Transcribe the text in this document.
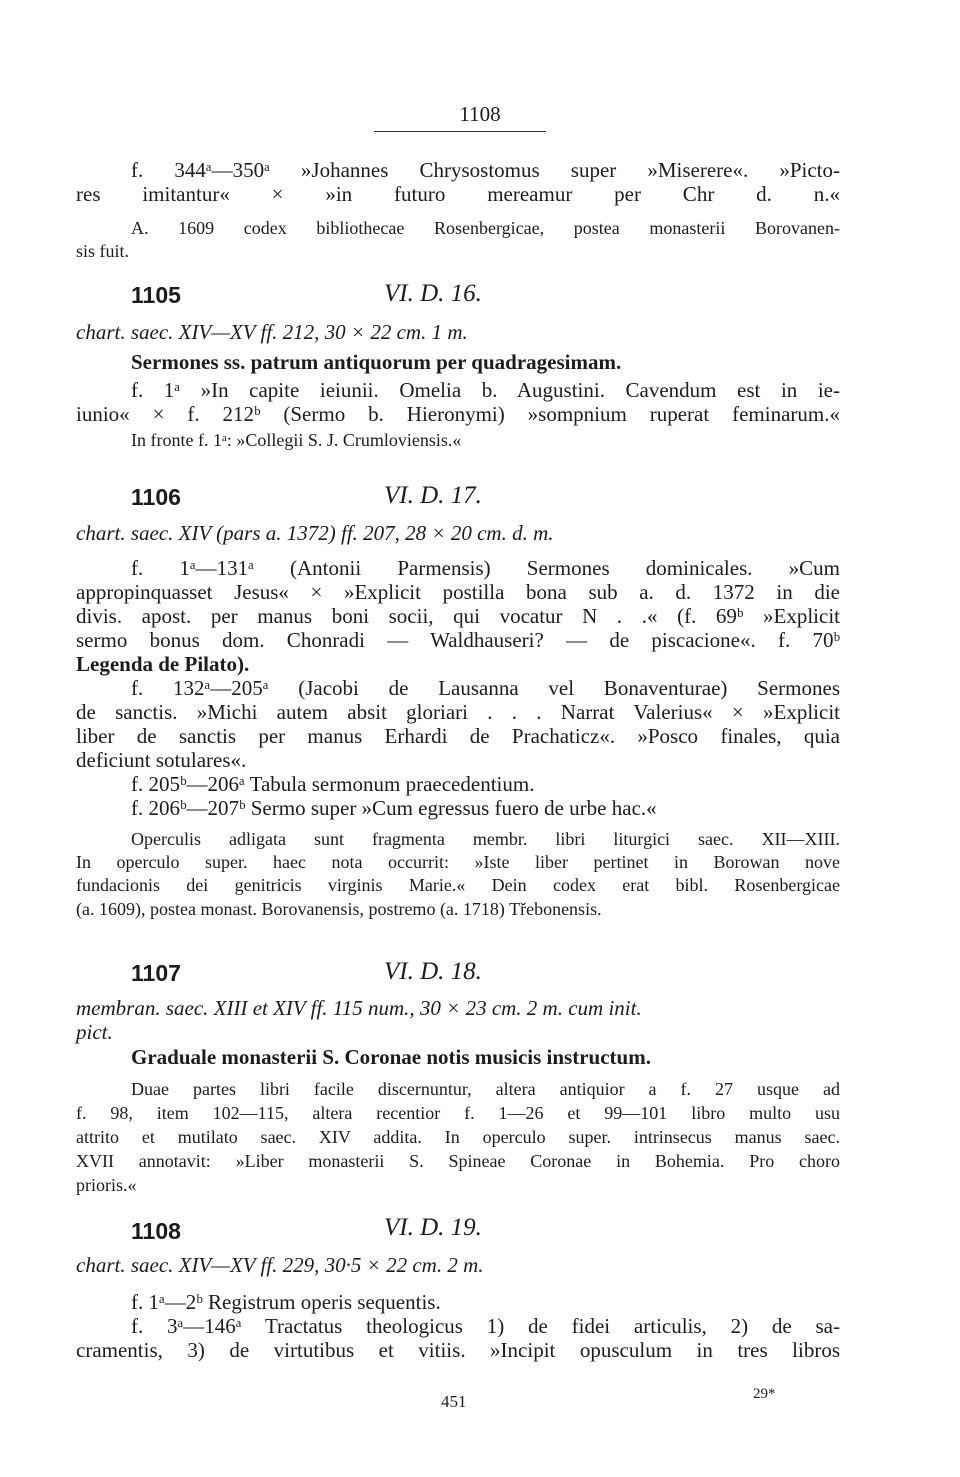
1108
f. 344ᵃ—350ᵃ »Johannes Chrysostomus super »Miserere«. »Picto-
res imitantur« × »in futuro mereamur per Chr d. n.«
A. 1609 codex bibliothecae Rosenbergicae, postea monasterii Borovanen-
sis fuit.
1105	VI. D. 16.
chart. saec. XIV—XV ff. 212, 30 × 22 cm. 1 m.
Sermones ss. patrum antiquorum per quadragesimam.
f. 1ᵃ »In capite ieiunii. Omelia b. Augustini. Cavendum est in ie-
iunio« × f. 212ᵇ (Sermo b. Hieronymi) »sompnium ruperat feminarum.«
In fronte f. 1ᵃ: »Collegii S. J. Crumloviensis.«
1106	VI. D. 17.
chart. saec. XIV (pars a. 1372) ff. 207, 28 × 20 cm. d. m.
f. 1ᵃ—131ᵃ (Antonii Parmensis) Sermones dominicales. »Cum
appropinquasset Jesus« × »Explicit postilla bona sub a. d. 1372 in die
divis. apost. per manus boni socii, qui vocatur N . .« (f. 69ᵇ »Explicit
sermo bonus dom. Chonradi — Waldhauseri? — de piscacione«. f. 70ᵇ
Legenda de Pilato).
f. 132ᵃ—205ᵃ (Jacobi de Lausanna vel Bonaventurae) Sermones
de sanctis. »Michi autem absit gloriari . . . Narrat Valerius« × »Explicit
liber de sanctis per manus Erhardi de Prachaticz«. »Posco finales, quia
deficiunt sotulares«.
f. 205ᵇ—206ᵃ Tabula sermonum praecedentium.
f. 206ᵇ—207ᵇ Sermo super »Cum egressus fuero de urbe hac.«
Operculis adligata sunt fragmenta membr. libri liturgici saec. XII—XIII.
In operculo super. haec nota occurrit: »Iste liber pertinet in Borowan nove
fundacionis dei genitricis virginis Marie.« Dein codex erat bibl. Rosenbergicae
(a. 1609), postea monast. Borovanensis, postremo (a. 1718) Třebonensis.
1107	VI. D. 18.
membran. saec. XIII et XIV ff. 115 num., 30 × 23 cm. 2 m. cum init.
pict.
Graduale monasterii S. Coronae notis musicis instructum.
Duae partes libri facile discernuntur, altera antiquior a f. 27 usque ad
f. 98, item 102—115, altera recentior f. 1—26 et 99—101 libro multo usu
attrito et mutilato saec. XIV addita. In operculo super. intrinsecus manus saec.
XVII annotavit: »Liber monasterii S. Spineae Coronae in Bohemia. Pro choro
prioris.«
1108	VI. D. 19.
chart. saec. XIV—XV ff. 229, 30·5 × 22 cm. 2 m.
f. 1ᵃ—2ᵇ Registrum operis sequentis.
f. 3ᵃ—146ᵃ Tractatus theologicus 1) de fidei articulis, 2) de sa-
cramentis, 3) de virtutibus et vitiis. »Incipit opusculum in tres libros
451	29*
